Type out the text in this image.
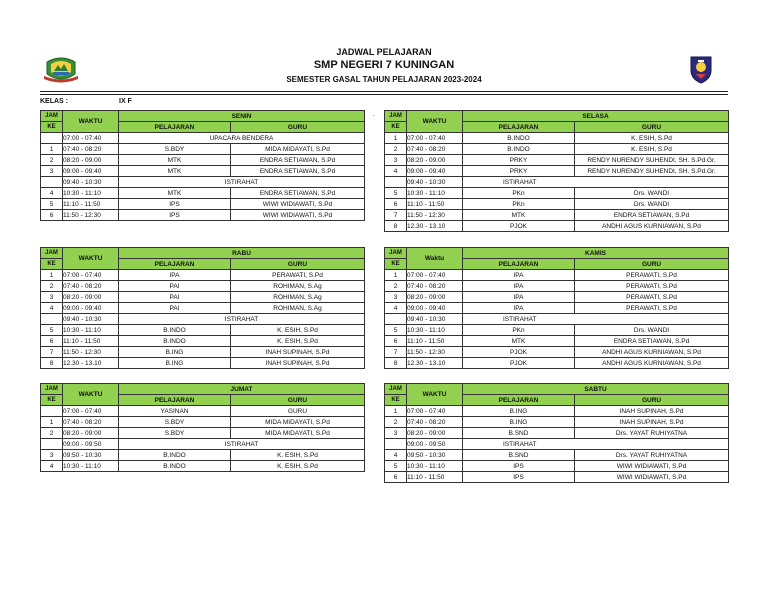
JADWAL PELAJARAN
SMP NEGERI 7 KUNINGAN
SEMESTER GASAL TAHUN PELAJARAN 2023-2024
KELAS :	IX F
.
JAM	WAKTU	SENIN	
KE		PELAJARAN	GURU
	07:00 - 07:40	UPACARA BENDERA	
1	07:40 - 08:20	S.BDY	MIDA MIDAYATI, S.Pd
2	08:20 - 09:00	MTK	ENDRA SETIAWAN, S.Pd
3	09:00 - 09:40	MTK	ENDRA SETIAWAN, S.Pd
	09:40 - 10:30	ISTIRAHAT	
4	10:30 - 11:10	MTK	ENDRA SETIAWAN, S.Pd
5	11:10 - 11:50	IPS	WIWI WIDIAWATI, S.Pd
6	11:50 - 12:30	IPS	WIWI WIDIAWATI, S.Pd
JAM	WAKTU	SELASA	
KE		PELAJARAN	GURU
1	07:00 - 07:40	B.INDO	K. ESIH, S.Pd
2	07:40 - 08:20	B.INDO	K. ESIH, S.Pd
3	08:20 - 09:00	PRKY	RENDY NURENDY SUHENDI, SH. S.Pd.Gr.
4	09:00 - 09:40	PRKY	RENDY NURENDY SUHENDI, SH. S.Pd.Gr.
	09:40 - 10:30	ISTIRAHAT	
5	10:30 - 11:10	PKn	Drs. WANDI
6	11:10 - 11:50	PKn	Drs. WANDI
7	11:50 - 12:30	MTK	ENDRA SETIAWAN, S.Pd
8	12.30 - 13.10	PJOK	ANDHI AGUS KURNIAWAN, S.Pd
JAM	WAKTU	RABU	
KE		PELAJARAN	GURU
1	07:00 - 07:40	IPA	PERAWATI, S.Pd
2	07:40 - 08:20	PAI	ROHIMAN, S.Ag
3	08:20 - 09:00	PAI	ROHIMAN, S.Ag
4	09:00 - 09:40	PAI	ROHIMAN, S.Ag
	09:40 - 10:30	ISTIRAHAT	
5	10:30 - 11:10	B.INDO	K. ESIH, S.Pd
6	11:10 - 11:50	B.INDO	K. ESIH, S.Pd
7	11:50 - 12:30	B.ING	INAH SUPINAH, S.Pd
8	12.30 - 13.10	B.ING	INAH SUPINAH, S.Pd
JAM	Waktu	KAMIS	
KE		PELAJARAN	GURU
1	07:00 - 07:40	IPA	PERAWATI, S.Pd
2	07:40 - 08:20	IPA	PERAWATI, S.Pd
3	08:20 - 09:00	IPA	PERAWATI, S.Pd
4	09:00 - 09:40	IPA	PERAWATI, S.Pd
	09:40 - 10:30	ISTIRAHAT	
5	10:30 - 11:10	PKn	Drs. WANDI
6	11:10 - 11:50	MTK	ENDRA SETIAWAN, S.Pd
7	11:50 - 12:30	PJOK	ANDHI AGUS KURNIAWAN, S.Pd
8	12.30 - 13.10	PJOK	ANDHI AGUS KURNIAWAN, S.Pd
JAM	WAKTU	JUMAT	
KE		PELAJARAN	GURU
	07:00 - 07:40	YASINAN	GURU
1	07:40 - 08:20	S.BDY	MIDA MIDAYATI, S.Pd
2	08:20 - 09:00	S.BDY	MIDA MIDAYATI, S.Pd
	09:00 - 09:50	ISTIRAHAT	
3	09:50 - 10:30	B.INDO	K. ESIH, S.Pd
4	10:30 - 11:10	B.INDO	K. ESIH, S.Pd
JAM	WAKTU	SABTU	
KE		PELAJARAN	GURU
1	07:00 - 07:40	B.ING	INAH SUPINAH, S.Pd
2	07:40 - 08:20	B.ING	INAH SUPINAH, S.Pd
3	08:20 - 09:00	B.SND	Drs. YAYAT RUHIYATNA
	09:00 - 09:50	ISTIRAHAT	
4	09:50 - 10:30	B.SND	Drs. YAYAT RUHIYATNA
5	10:30 - 11:10	IPS	WIWI WIDIAWATI, S.Pd
6	11:10 - 11:50	IPS	WIWI WIDIAWATI, S.Pd
